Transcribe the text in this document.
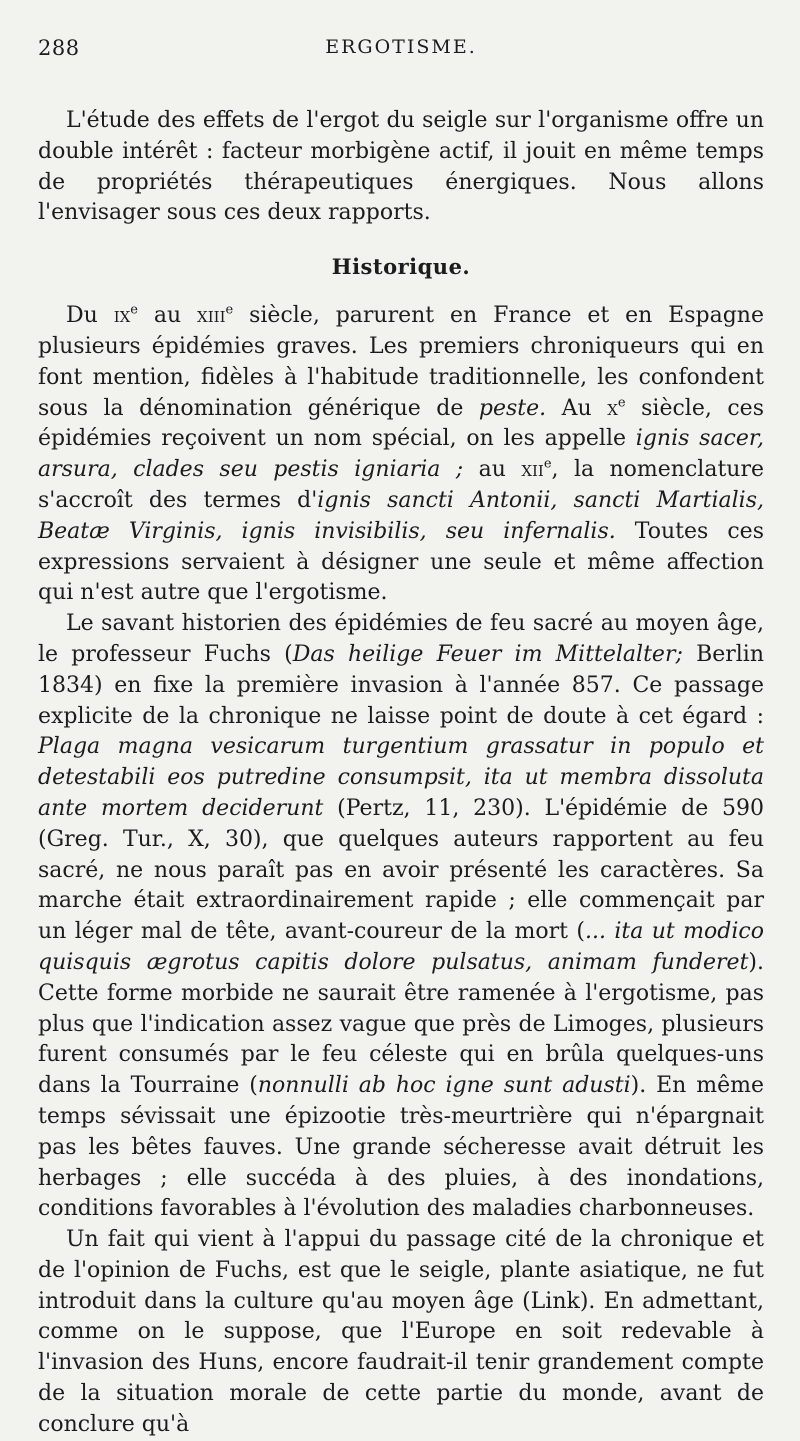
288	ERGOTISME.

L'étude des effets de l'ergot du seigle sur l'organisme offre un double intérêt : facteur morbigène actif, il jouit en même temps de propriétés thérapeutiques énergiques. Nous allons l'envisager sous ces deux rapports.

Historique.

Du $ix^e$ au xiii$^e$ siècle, parurent en France et en Espagne plusieurs épidémies graves. Les premiers chroniqueurs qui en font mention, fidèles à l'habitude traditionnelle, les confondent sous la dénomination générique de peste. Au $x^e$ siècle, ces épidémies reçoivent un nom spécial, on les appelle ignis sacer, arsura, clades seu pestis igniaria ; au xii$^e$, la nomenclature s'accroît des termes d'ignis sancti Antonii, sancti Martialis, Beatæ Virginis, ignis invisibilis, seu infernalis. Toutes ces expressions servaient à désigner une seule et même affection qui n'est autre que l'ergotisme.

Le savant historien des épidémies de feu sacré au moyen âge, le professeur Fuchs (Das heilige Feuer im Mittelalter; Berlin 1834) en fixe la première invasion à l'année 857. Ce passage explicite de la chronique ne laisse point de doute à cet égard : Plaga magna vesicarum turgentium grassatur in populo et detestabili eos putredine consumpsit, ita ut membra dissoluta ante mortem deciderunt (Pertz, 11, 230). L'épidémie de 590 (Greg. Tur., X, 30), que quelques auteurs rapportent au feu sacré, ne nous paraît pas en avoir présenté les caractères. Sa marche était extraordinairement rapide ; elle commençait par un léger mal de tête, avant-coureur de la mort (... ita ut modico quisquis ægrotus capitis dolore pulsatus, animam funderet). Cette forme morbide ne saurait être ramenée à l'ergotisme, pas plus que l'indication assez vague que près de Limoges, plusieurs furent consumés par le feu céleste qui en brûla quelques-uns dans la Tourraine (nonnulli ab hoc igne sunt adusti). En même temps sévissait une épizootie très-meurtrière qui n'épargnait pas les bêtes fauves. Une grande sécheresse avait détruit les herbages ; elle succéda à des pluies, à des inondations, conditions favorables à l'évolution des maladies charbonneuses.

Un fait qui vient à l'appui du passage cité de la chronique et de l'opinion de Fuchs, est que le seigle, plante asiatique, ne fut introduit dans la culture qu'au moyen âge (Link). En admettant, comme on le suppose, que l'Europe en soit redevable à l'invasion des Huns, encore faudrait-il tenir grandement compte de la situation morale de cette partie du monde, avant de conclure qu'à
